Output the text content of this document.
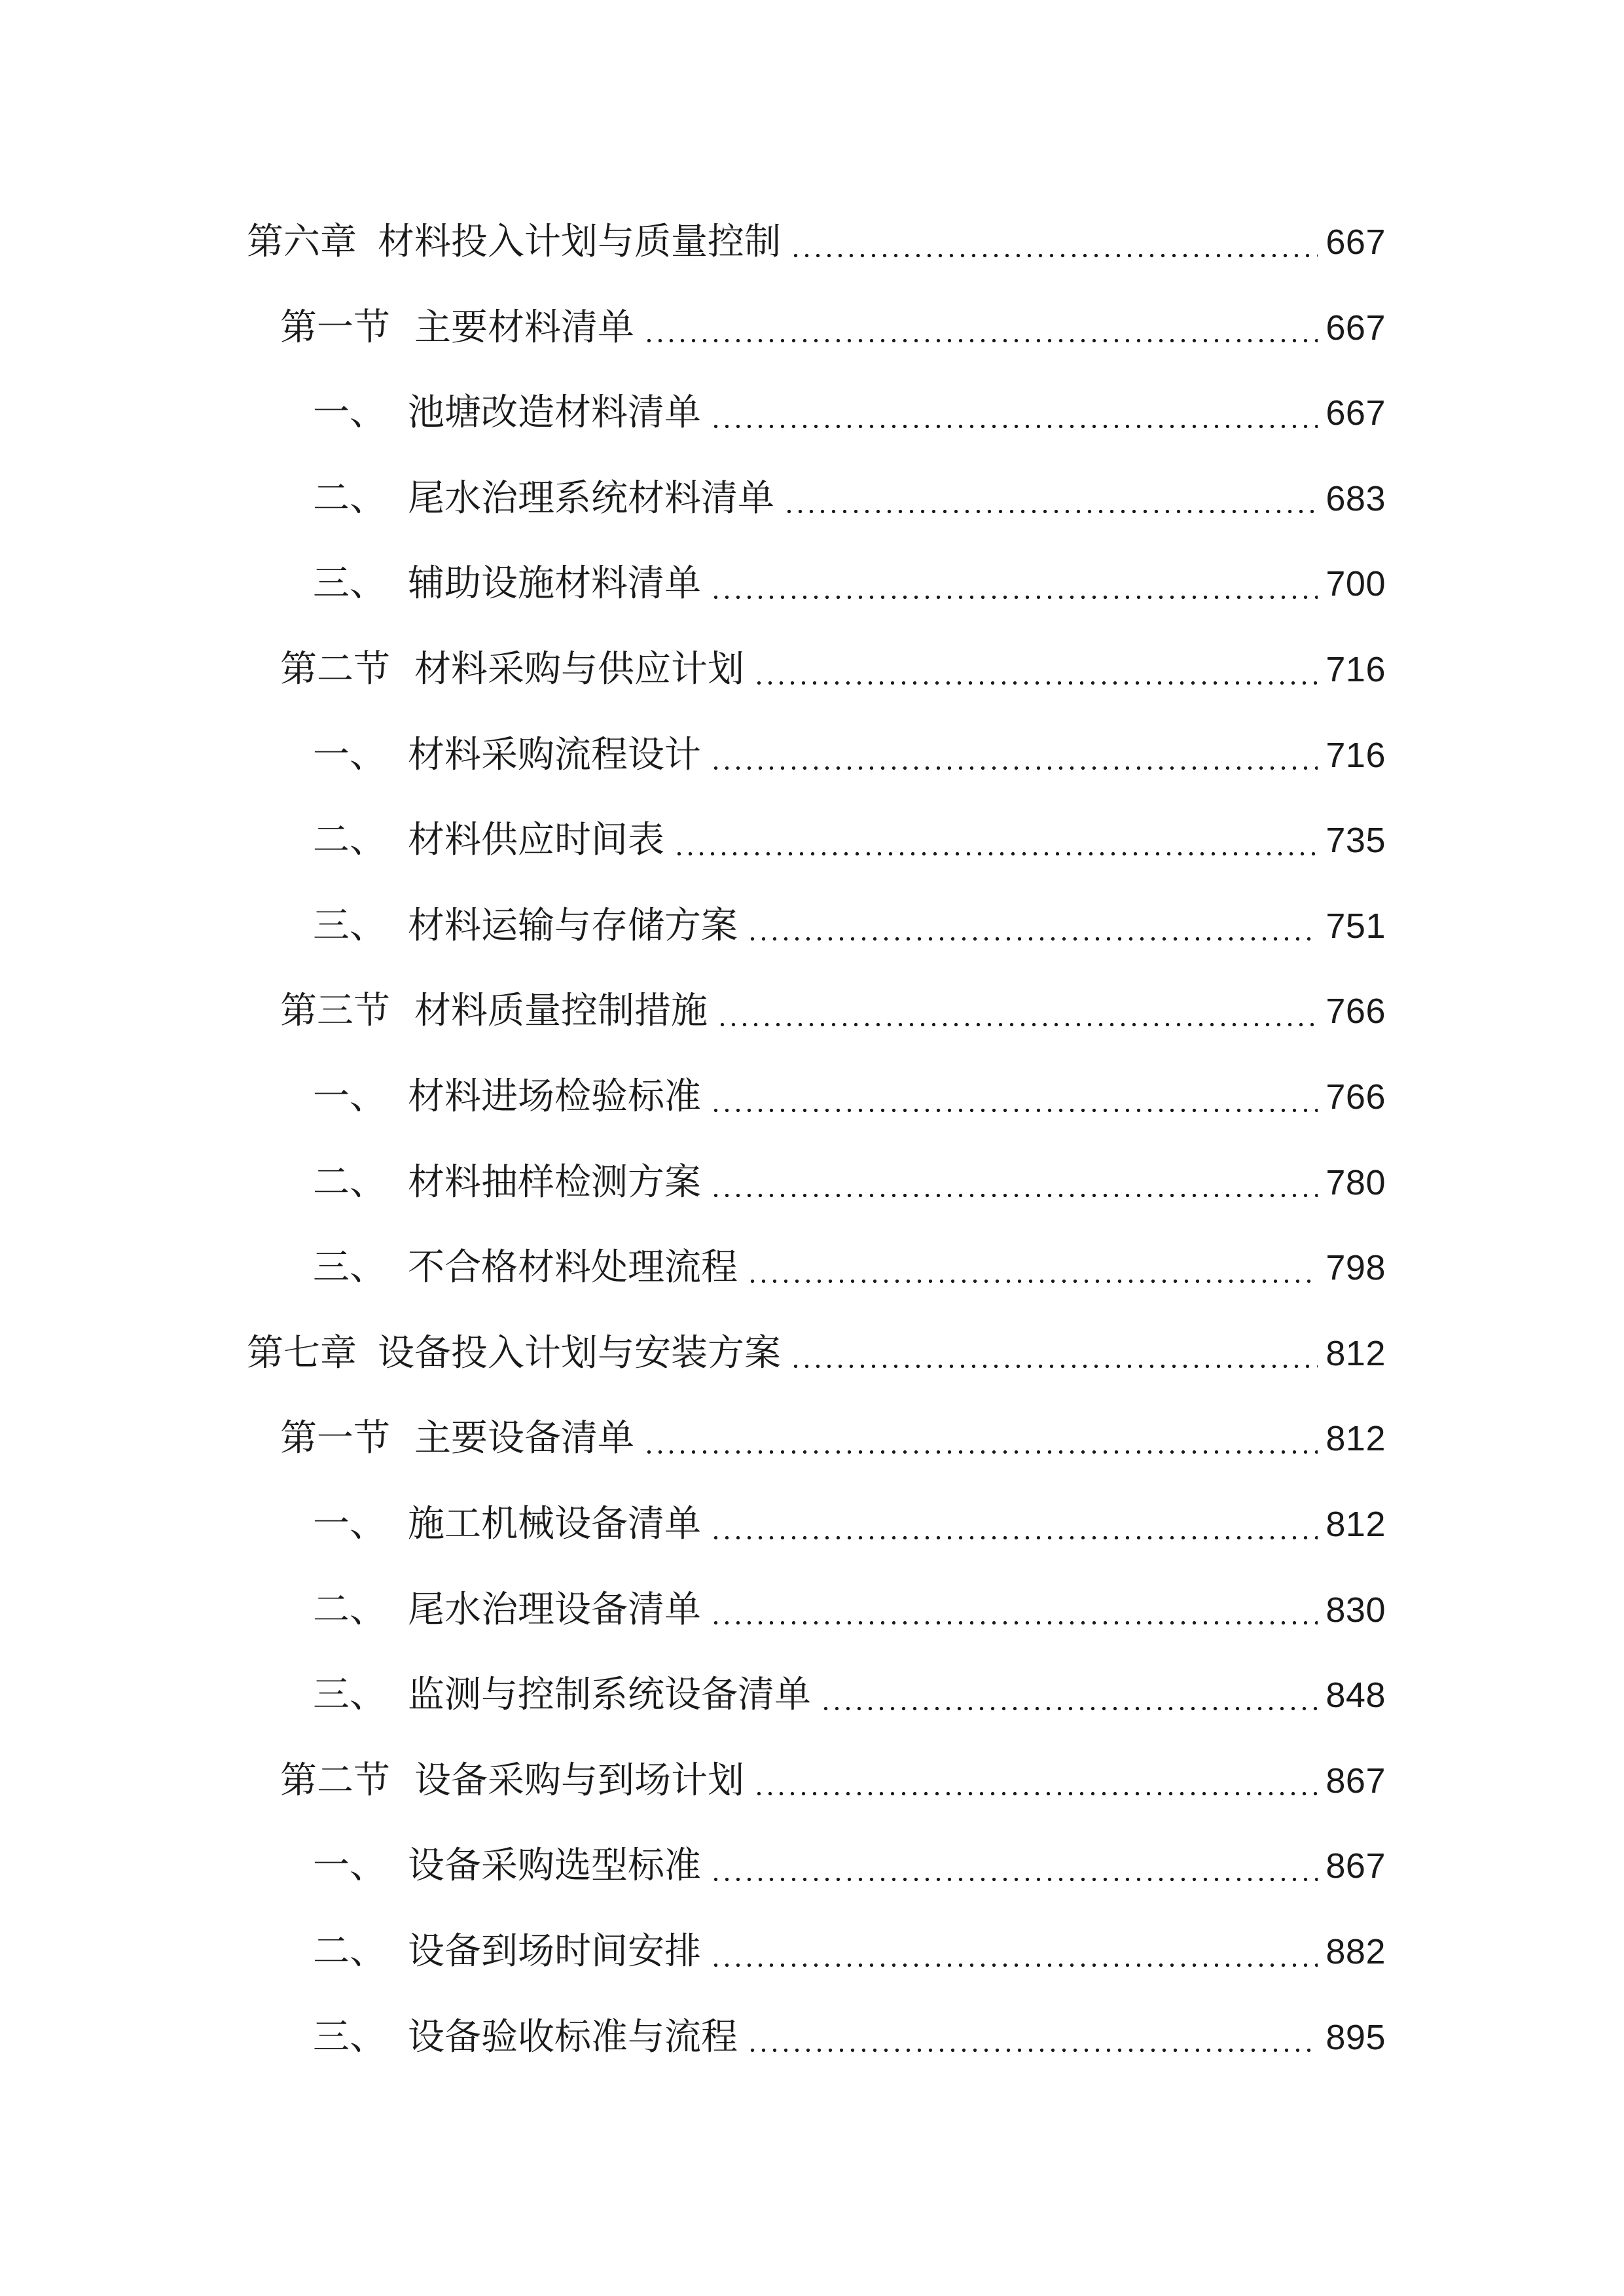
第六章 材料投入计划与质量控制	667
第一节 主要材料清单	667
一、 池塘改造材料清单	667
二、 尾水治理系统材料清单	683
三、 辅助设施材料清单	700
第二节 材料采购与供应计划	716
一、 材料采购流程设计	716
二、 材料供应时间表	735
三、 材料运输与存储方案	751
第三节 材料质量控制措施	766
一、 材料进场检验标准	766
二、 材料抽样检测方案	780
三、 不合格材料处理流程	798
第七章 设备投入计划与安装方案	812
第一节 主要设备清单	812
一、 施工机械设备清单	812
二、 尾水治理设备清单	830
三、 监测与控制系统设备清单	848
第二节 设备采购与到场计划	867
一、 设备采购选型标准	867
二、 设备到场时间安排	882
三、 设备验收标准与流程	895
